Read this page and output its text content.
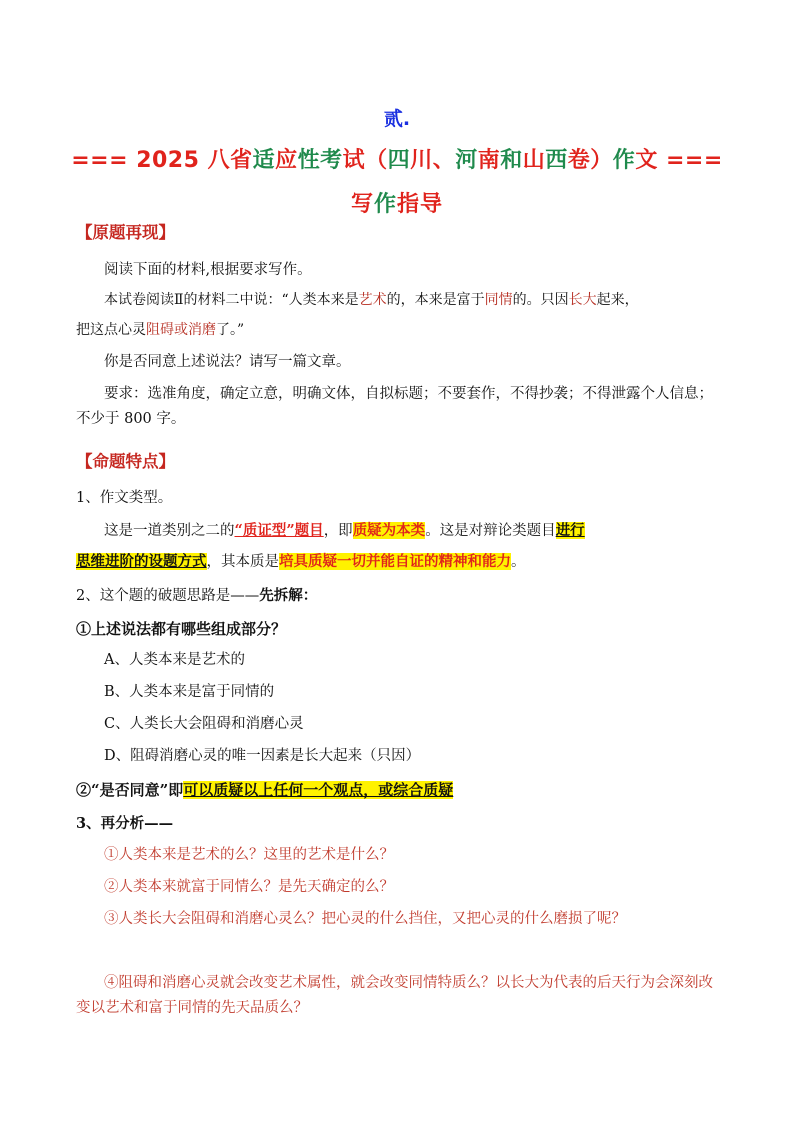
贰.
=== 2025 八省适应性考试（四川、河南和山西卷）作文 ===
写作指导
【原题再现】
阅读下面的材料,根据要求写作。
本试卷阅读Ⅱ的材料二中说：“人类本来是艺术的，本来是富于同情的。只因长大起来，
把这点心灵阻碍或消磨了。”
你是否同意上述说法？请写一篇文章。
要求：选准角度，确定立意，明确文体，自拟标题；不要套作，不得抄袭；不得泄露个人信息；不少于 800 字。
【命题特点】
1、作文类型。
这是一道类别之二的“质证型”题目，即质疑为本类。这是对辩论类题目进行
思维进阶的设题方式，其本质是培具质疑一切并能自证的精神和能力。
2、这个题的破题思路是——先拆解：
①上述说法都有哪些组成部分？
A、人类本来是艺术的
B、人类本来是富于同情的
C、人类长大会阻碍和消磨心灵
D、阻碍消磨心灵的唯一因素是长大起来（只因）
②“是否同意”即可以质疑以上任何一个观点，或综合质疑
3、再分析——
①人类本来是艺术的么？这里的艺术是什么？
②人类本来就富于同情么？是先天确定的么？
③人类长大会阻碍和消磨心灵么？把心灵的什么挡住，又把心灵的什么磨损了呢？
④阻碍和消磨心灵就会改变艺术属性，就会改变同情特质么？以长大为代表的后天行为会深刻改变以艺术和富于同情的先天品质么？
